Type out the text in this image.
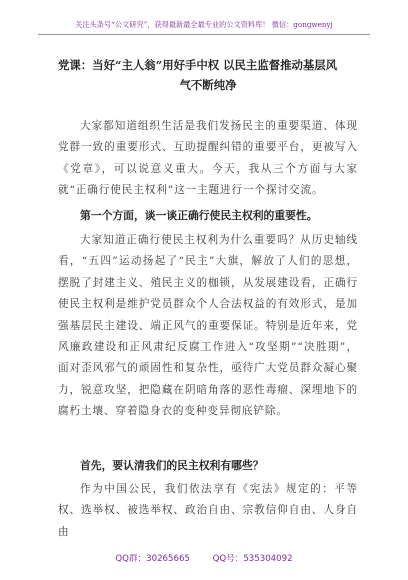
关注头条号“公文研究”，获得最新最全最专业的公文资料库！ 微信：gongwenyj
党课：当好“主人翁”用好手中权 以民主监督推动基层风
气不断纯净
大家都知道组织生活是我们发扬民主的重要渠道、体现党群一致的重要形式、互助提醒纠错的重要平台，更被写入《党章》，可以说意义重大。今天，我从三个方面与大家就“正确行使民主权利”这一主题进行一个探讨交流。
第一个方面，谈一谈正确行使民主权利的重要性。
大家知道正确行使民主权利为什么重要吗？从历史轴线看，“五四”运动扬起了“民主”大旗，解放了人们的思想，摆脱了封建主义、殖民主义的枷锁，从发展建设看，正确行使民主权利是维护党员群众个人合法权益的有效形式，是加强基层民主建设、端正风气的重要保证。特别是近年来，党风廉政建设和正风肃纪反腐工作进入“攻坚期”“决胜期”，面对歪风邪气的顽固性和复杂性，亟待广大党员群众凝心聚力，锐意攻坚，把隐藏在阴暗角落的恶性毒瘤、深埋地下的腐朽土壤、穿着隐身衣的变种变异彻底铲除。
首先，要认清我们的民主权利有哪些？
作为中国公民，我们依法享有《宪法》规定的：平等权、选举权、被选举权、政治自由、宗教信仰自由、人身自由
QQ群：30265665	QQ号：535304092
